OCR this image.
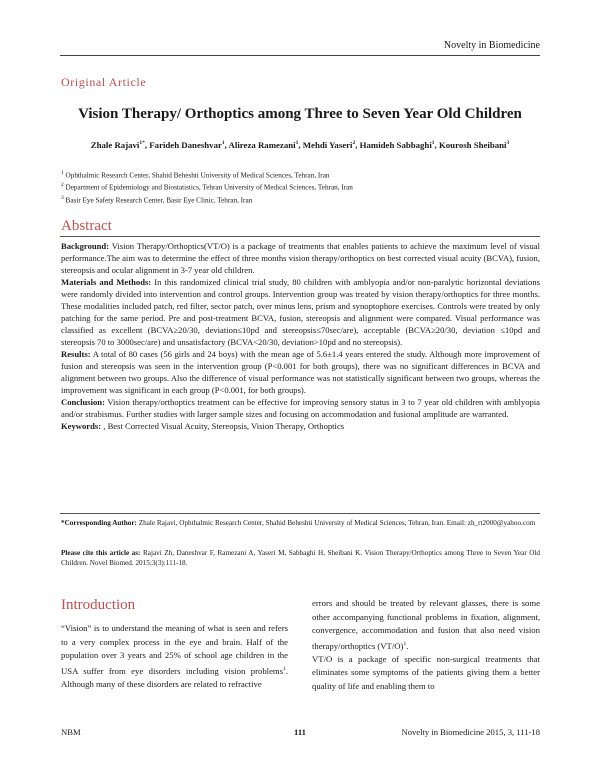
Novelty in Biomedicine
Original Article
Vision Therapy/ Orthoptics among Three to Seven Year Old Children
Zhale Rajavi$^{1*}$, Farideh Daneshvar$^1$, Alireza Ramezani$^1$, Mehdi Yaseri$^2$, Hamideh Sabbaghi$^1$, Kourosh Sheibani$^3$
$^1$ Ophthalmic Research Center, Shahid Beheshti University of Medical Sciences, Tehran, Iran
$^2$ Department of Epidemiology and Biostatistics, Tehran University of Medical Sciences, Tehran, Iran
$^3$ Basir Eye Safety Research Center, Basir Eye Clinic, Tehran, Iran
Abstract

Background: Vision Therapy/Orthoptics(VT/O) is a package of treatments that enables patients to achieve the maximum level of visual performance.The aim was to determine the effect of three months vision therapy/orthoptics on best corrected visual acuity (BCVA), fusion, stereopsis and ocular alignment in 3-7 year old children.

Materials and Methods: In this randomized clinical trial study, 80 children with amblyopia and/or non-paralytic horizontal deviations were randomly divided into intervention and control groups. Intervention group was treated by vision therapy/orthoptics for three months. These modalities included patch, red filter, sector patch, over minus lens, prism and synoptophore exercises. Controls were treated by only patching for the same period. Pre and post-treatment BCVA, fusion, stereopsis and alignment were compared. Visual performance was classified as excellent (BCVA≥20/30, deviation≤10pd and stereopsis≤70sec/are), acceptable (BCVA≥20/30, deviation ≤10pd and stereopsis 70 to 3000sec/are) and unsatisfactory (BCVA<20/30, deviation>10pd and no stereopsis).

Results: A total of 80 cases (56 girls and 24 boys) with the mean age of 5.6±1.4 years entered the study. Although more improvement of fusion and stereopsis was seen in the intervention group (P<0.001 for both groups), there was no significant differences in BCVA and alignment between two groups. Also the difference of visual performance was not statistically significant between two groups, whereas the improvement was significant in each group (P<0.001, for both groups).

Conclusion: Vision therapy/orthoptics treatment can be effective for improving sensory status in 3 to 7 year old children with amblyopia and/or strabismus. Further studies with larger sample sizes and focusing on accommodation and fusional amplitude are warranted.

Keywords: , Best Corrected Visual Acuity, Stereopsis, Vision Therapy, Orthoptics

*Corresponding Author: Zhale Rajavi, Ophthalmic Research Center, Shahid Beheshti University of Medical Sciences, Tehran, Iran. Email: zh_rt2000@yahoo.com
Please cite this article as: Rajavi Zh, Daneshvar F, Ramezani A, Yaseri M, Sabbaghi H, Sheibani K. Vision Therapy/Orthoptics among Three to Seven Year Old Children. Novel Biomed. 2015;3(3):111-18.
Introduction

“Vision” is to understand the meaning of what is seen and refers to a very complex process in the eye and brain. Half of the population over 3 years and 25% of school age children in the USA suffer from eye disorders including vision problems$^1$. Although many of these disorders are related to refractive

errors and should be treated by relevant glasses, there is some other accompanying functional problems in fixation, alignment, convergence, accommodation and fusion that also need vision therapy/orthoptics $(VT/O)^1$.

VT/O is a package of specific non-surgical treatments that eliminates some symptoms of the patients giving them a better quality of life and enabling them to

NBM	111	Novelty in Biomedicine 2015, 3, 111-18
